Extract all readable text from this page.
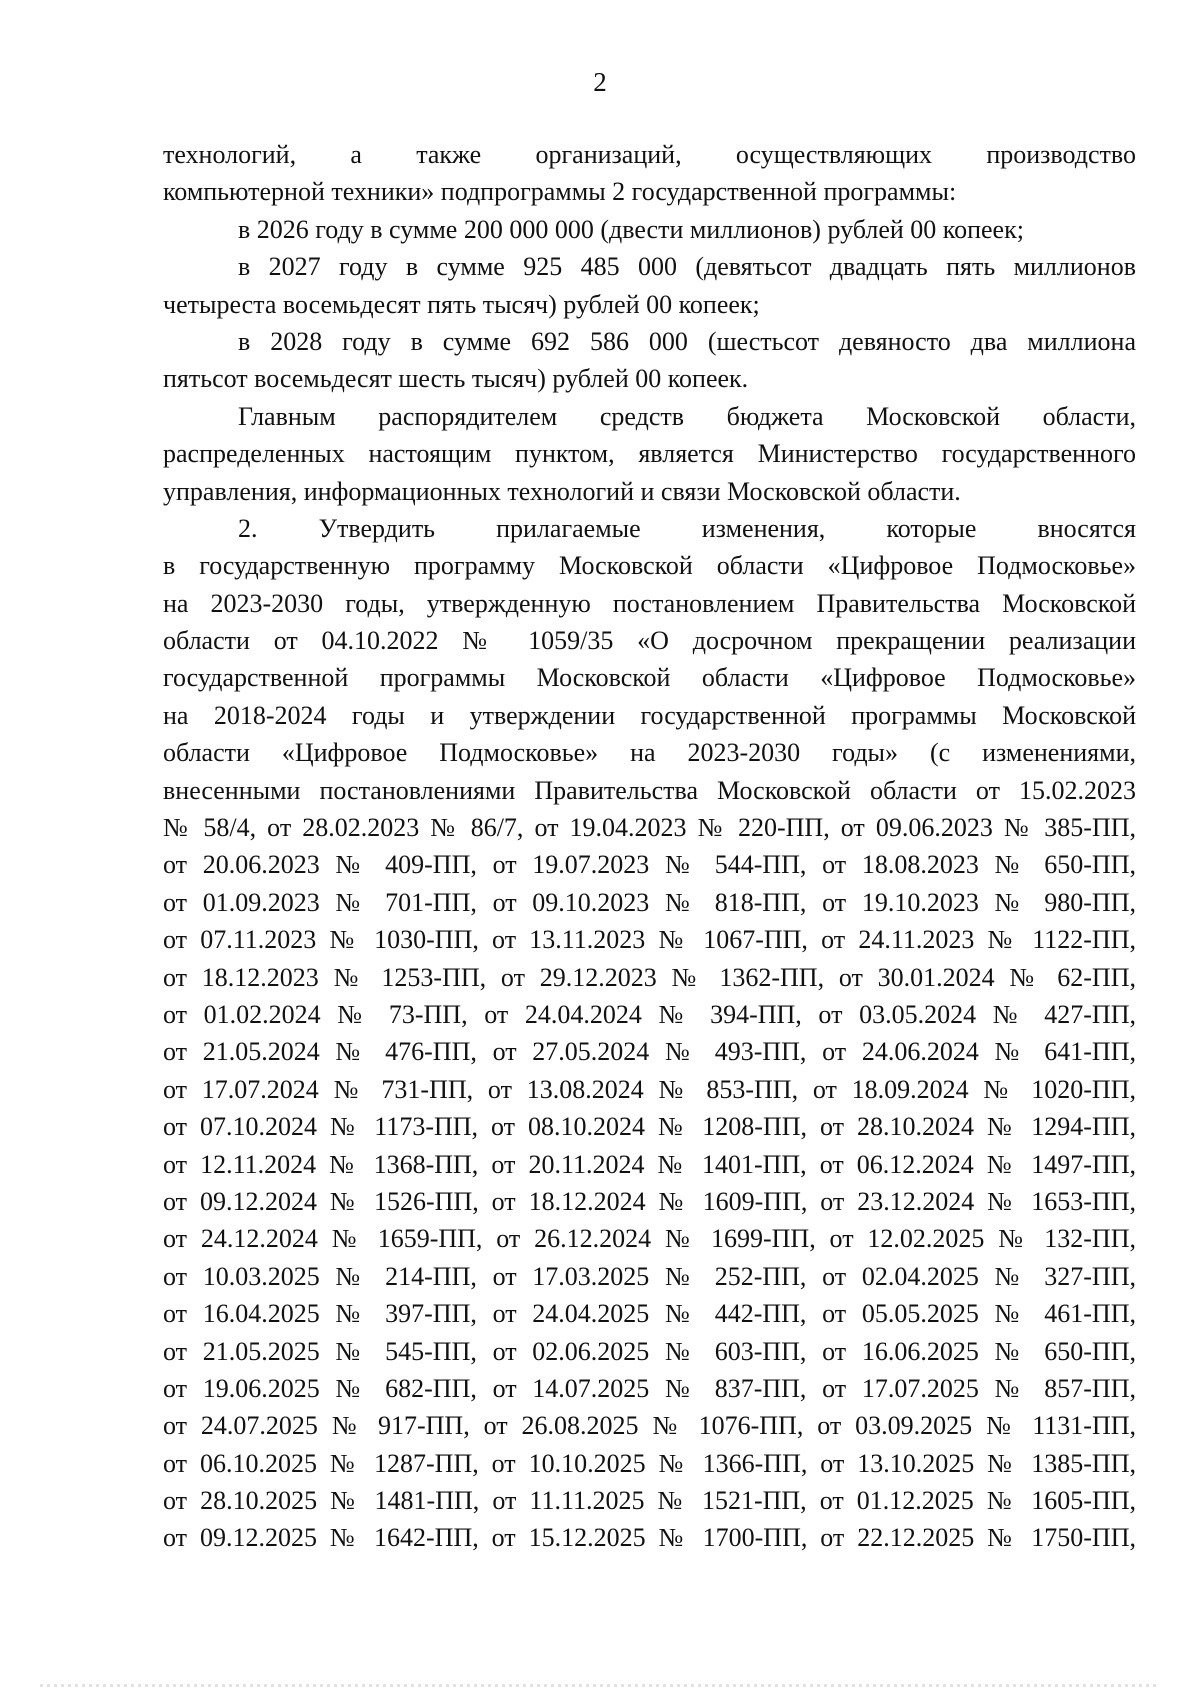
2
технологий, а также организаций, осуществляющих производство
компьютерной техники» подпрограммы 2 государственной программы:
в 2026 году в сумме 200 000 000 (двести миллионов) рублей 00 копеек;
в 2027 году в сумме 925 485 000 (девятьсот двадцать пять миллионов
четыреста восемьдесят пять тысяч) рублей 00 копеек;
в 2028 году в сумме 692 586 000 (шестьсот девяносто два миллиона
пятьсот восемьдесят шесть тысяч) рублей 00 копеек.
Главным распорядителем средств бюджета Московской области,
распределенных настоящим пунктом, является Министерство государственного
управления, информационных технологий и связи Московской области.
2. Утвердить прилагаемые изменения, которые вносятся
в государственную программу Московской области «Цифровое Подмосковье»
на 2023-2030 годы, утвержденную постановлением Правительства Московской
области от 04.10.2022 № 1059/35 «О досрочном прекращении реализации
государственной программы Московской области «Цифровое Подмосковье»
на 2018-2024 годы и утверждении государственной программы Московской
области «Цифровое Подмосковье» на 2023-2030 годы» (с изменениями,
внесенными постановлениями Правительства Московской области от 15.02.2023
№ 58/4, от 28.02.2023 № 86/7, от 19.04.2023 № 220-ПП, от 09.06.2023 № 385-ПП,
от 20.06.2023 № 409-ПП, от 19.07.2023 № 544-ПП, от 18.08.2023 № 650-ПП,
от 01.09.2023 № 701-ПП, от 09.10.2023 № 818-ПП, от 19.10.2023 № 980-ПП,
от 07.11.2023 № 1030-ПП, от 13.11.2023 № 1067-ПП, от 24.11.2023 № 1122-ПП,
от 18.12.2023 № 1253-ПП, от 29.12.2023 № 1362-ПП, от 30.01.2024 № 62-ПП,
от 01.02.2024 № 73-ПП, от 24.04.2024 № 394-ПП, от 03.05.2024 № 427-ПП,
от 21.05.2024 № 476-ПП, от 27.05.2024 № 493-ПП, от 24.06.2024 № 641-ПП,
от 17.07.2024 № 731-ПП, от 13.08.2024 № 853-ПП, от 18.09.2024 № 1020-ПП,
от 07.10.2024 № 1173-ПП, от 08.10.2024 № 1208-ПП, от 28.10.2024 № 1294-ПП,
от 12.11.2024 № 1368-ПП, от 20.11.2024 № 1401-ПП, от 06.12.2024 № 1497-ПП,
от 09.12.2024 № 1526-ПП, от 18.12.2024 № 1609-ПП, от 23.12.2024 № 1653-ПП,
от 24.12.2024 № 1659-ПП, от 26.12.2024 № 1699-ПП, от 12.02.2025 № 132-ПП,
от 10.03.2025 № 214-ПП, от 17.03.2025 № 252-ПП, от 02.04.2025 № 327-ПП,
от 16.04.2025 № 397-ПП, от 24.04.2025 № 442-ПП, от 05.05.2025 № 461-ПП,
от 21.05.2025 № 545-ПП, от 02.06.2025 № 603-ПП, от 16.06.2025 № 650-ПП,
от 19.06.2025 № 682-ПП, от 14.07.2025 № 837-ПП, от 17.07.2025 № 857-ПП,
от 24.07.2025 № 917-ПП, от 26.08.2025 № 1076-ПП, от 03.09.2025 № 1131-ПП,
от 06.10.2025 № 1287-ПП, от 10.10.2025 № 1366-ПП, от 13.10.2025 № 1385-ПП,
от 28.10.2025 № 1481-ПП, от 11.11.2025 № 1521-ПП, от 01.12.2025 № 1605-ПП,
от 09.12.2025 № 1642-ПП, от 15.12.2025 № 1700-ПП, от 22.12.2025 № 1750-ПП,
